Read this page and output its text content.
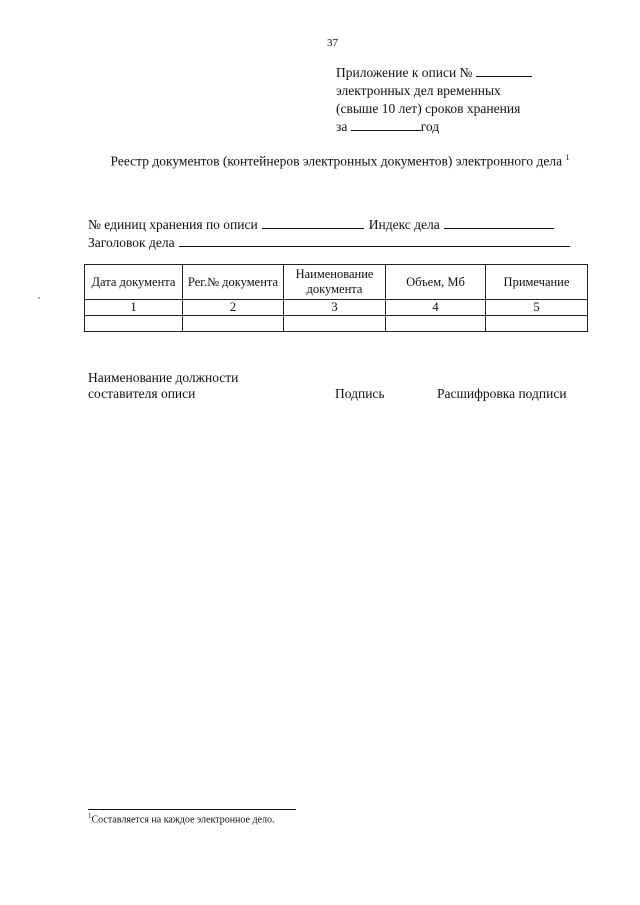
37
Приложение к описи №
электронных дел временных
(свыше 10 лет) сроков хранения
за	год
Реестр документов (контейнеров электронных документов) электронного дела $^1$
№ единиц хранения по описи	Индекс дела
Заголовок дела
Дата документа	Рег.№ документа	Наименование документа	Объем, Мб	Примечание
1	2	3	4	5

Наименование должности составителя описи	Подпись	Расшифровка подписи
$^1$Составляется на каждое электронное дело.
